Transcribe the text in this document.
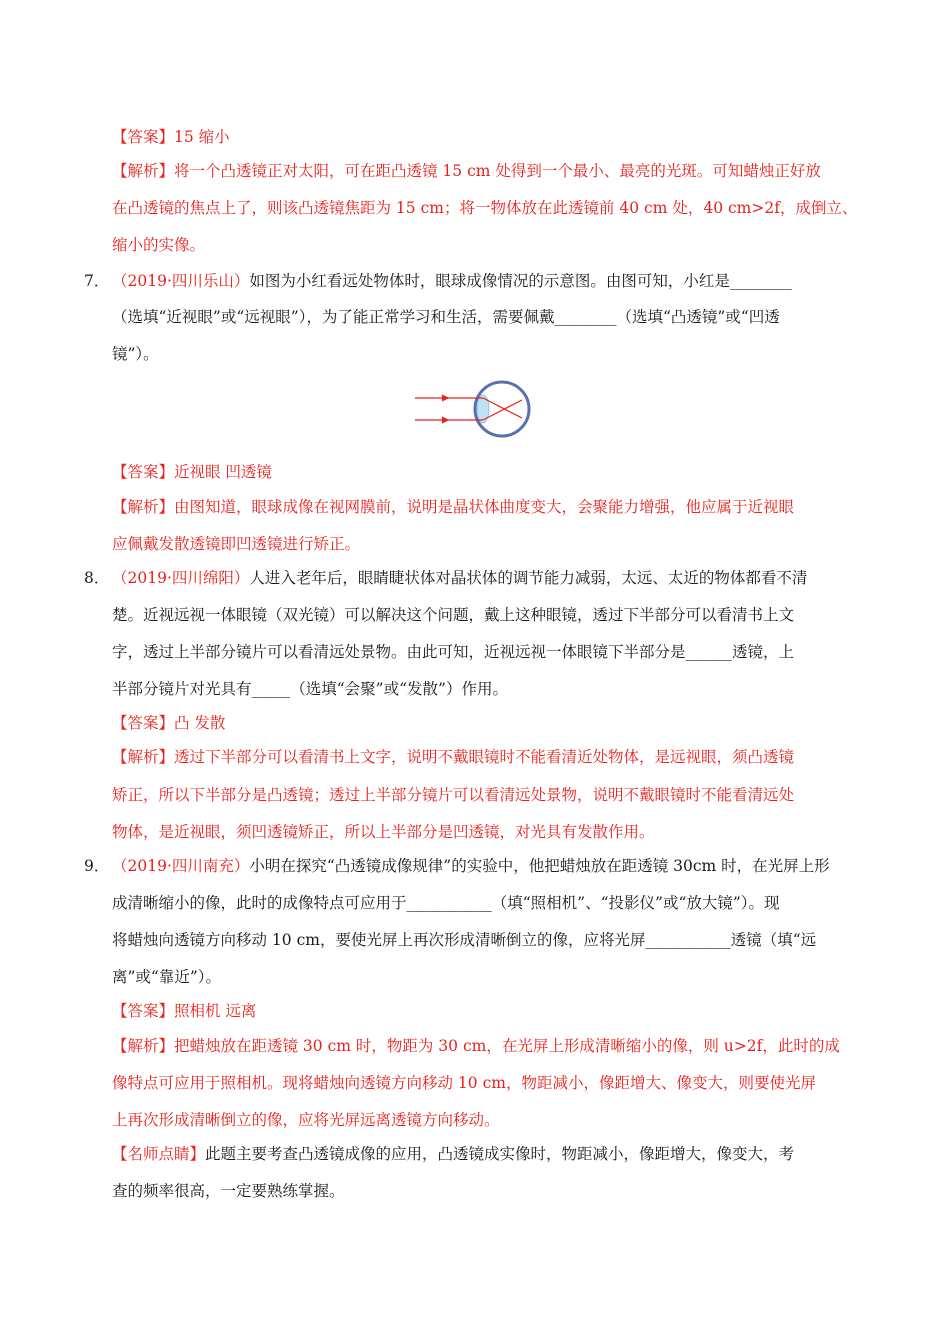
【答案】15 缩小
【解析】将一个凸透镜正对太阳，可在距凸透镜 15 cm 处得到一个最小、最亮的光斑。可知蜡烛正好放
在凸透镜的焦点上了，则该凸透镜焦距为 15 cm；将一物体放在此透镜前 40 cm 处，40 cm>2f，成倒立、
缩小的实像。
7． （2019·四川乐山）如图为小红看远处物体时，眼球成像情况的示意图。由图可知，小红是________
（选填“近视眼”或“远视眼”），为了能正常学习和生活，需要佩戴________（选填“凸透镜”或“凹透
镜”）。
【答案】近视眼 凹透镜
【解析】由图知道，眼球成像在视网膜前，说明是晶状体曲度变大，会聚能力增强，他应属于近视眼
应佩戴发散透镜即凹透镜进行矫正。
8． （2019·四川绵阳）人进入老年后，眼睛睫状体对晶状体的调节能力减弱，太远、太近的物体都看不清
楚。近视远视一体眼镜（双光镜）可以解决这个问题，戴上这种眼镜，透过下半部分可以看清书上文
字，透过上半部分镜片可以看清远处景物。由此可知，近视远视一体眼镜下半部分是______透镜，上
半部分镜片对光具有_____（选填“会聚”或“发散”）作用。
【答案】凸 发散
【解析】透过下半部分可以看清书上文字，说明不戴眼镜时不能看清近处物体，是远视眼，须凸透镜
矫正，所以下半部分是凸透镜；透过上半部分镜片可以看清远处景物，说明不戴眼镜时不能看清远处
物体，是近视眼，须凹透镜矫正，所以上半部分是凹透镜，对光具有发散作用。
9． （2019·四川南充）小明在探究“凸透镜成像规律”的实验中，他把蜡烛放在距透镜 30cm 时，在光屏上形
成清晰缩小的像，此时的成像特点可应用于___________（填“照相机”、“投影仪”或“放大镜”）。现
将蜡烛向透镜方向移动 10 cm，要使光屏上再次形成清晰倒立的像，应将光屏___________透镜（填“远
离”或“靠近”）。
【答案】照相机 远离
【解析】把蜡烛放在距透镜 30 cm 时，物距为 30 cm，在光屏上形成清晰缩小的像，则 u>2f，此时的成
像特点可应用于照相机。现将蜡烛向透镜方向移动 10 cm，物距减小，像距增大、像变大，则要使光屏
上再次形成清晰倒立的像，应将光屏远离透镜方向移动。
【名师点睛】此题主要考查凸透镜成像的应用，凸透镜成实像时，物距减小，像距增大，像变大，考
查的频率很高，一定要熟练掌握。
